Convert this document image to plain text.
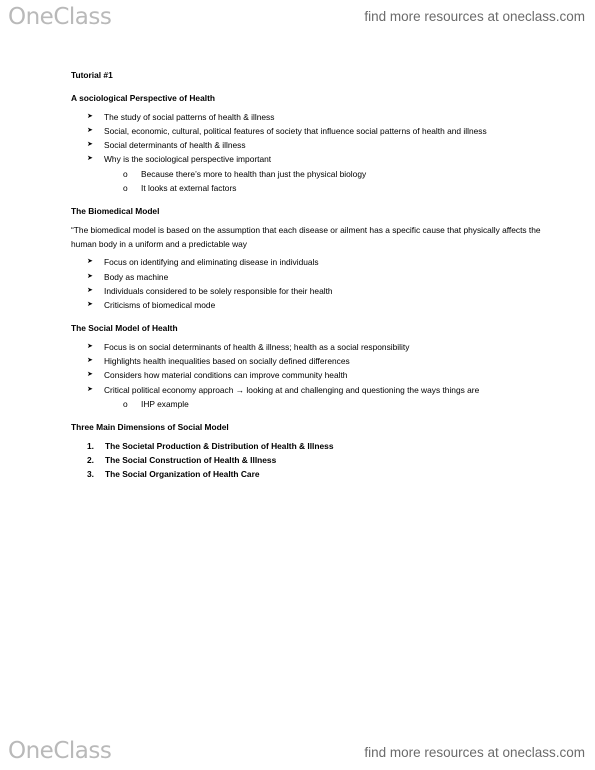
OneClass	find more resources at oneclass.com
Tutorial #1
A sociological Perspective of Health
➤ The study of social patterns of health & illness
➤ Social, economic, cultural, political features of society that influence social patterns of health and illness
➤ Social determinants of health & illness
➤ Why is the sociological perspective important
o Because there’s more to health than just the physical biology
o It looks at external factors
The Biomedical Model
“The biomedical model is based on the assumption that each disease or ailment has a specific cause that physically affects the human body in a uniform and a predictable way
➤ Focus on identifying and eliminating disease in individuals
➤ Body as machine
➤ Individuals considered to be solely responsible for their health
➤ Criticisms of biomedical mode
The Social Model of Health
➤ Focus is on social determinants of health & illness; health as a social responsibility
➤ Highlights health inequalities based on socially defined differences
➤ Considers how material conditions can improve community health
➤ Critical political economy approach → looking at and challenging and questioning the ways things are
o IHP example
Three Main Dimensions of Social Model
1. The Societal Production & Distribution of Health & Illness
2. The Social Construction of Health & Illness
3. The Social Organization of Health Care
OneClass	find more resources at oneclass.com
